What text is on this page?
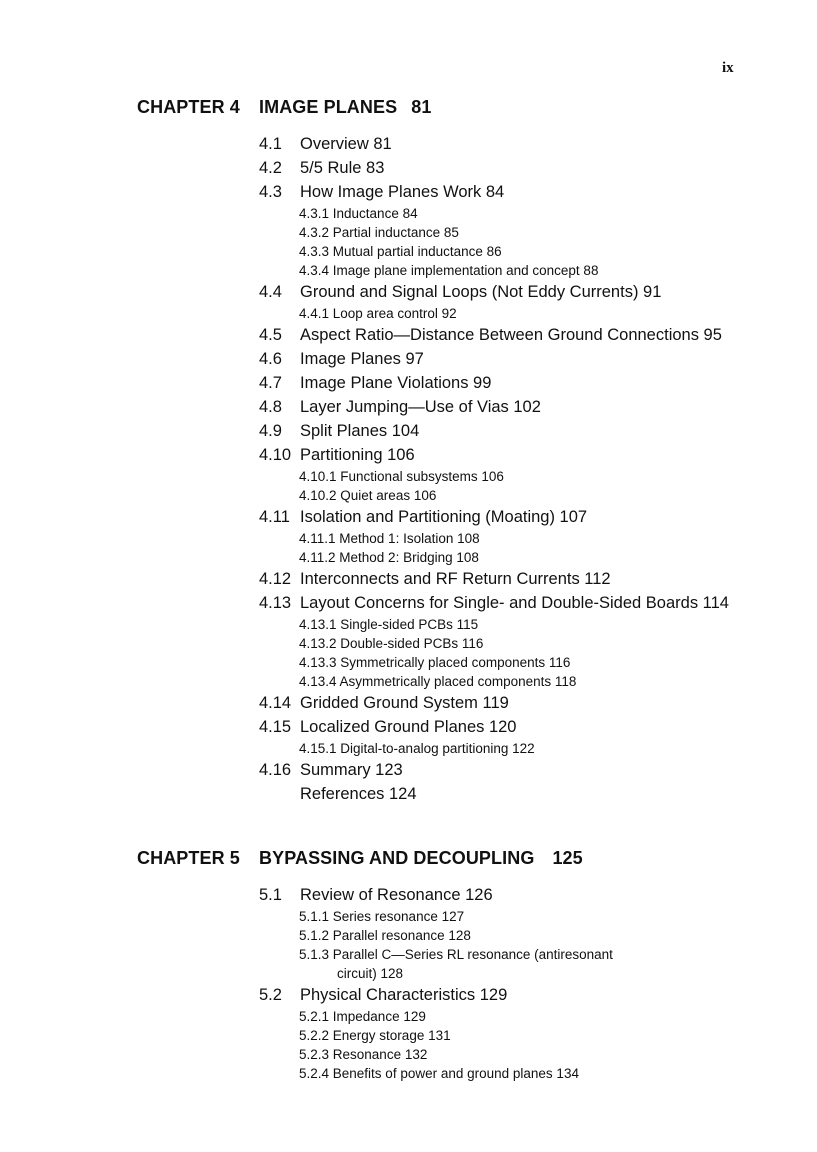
ix
CHAPTER 4 IMAGE PLANES 81
4.1	Overview 81
4.2	5/5 Rule 83
4.3	How Image Planes Work 84
4.3.1 Inductance 84
4.3.2 Partial inductance 85
4.3.3 Mutual partial inductance 86
4.3.4 Image plane implementation and concept 88
4.4	Ground and Signal Loops (Not Eddy Currents) 91
4.4.1 Loop area control 92
4.5	Aspect Ratio—Distance Between Ground Connections 95
4.6	Image Planes 97
4.7	Image Plane Violations 99
4.8	Layer Jumping—Use of Vias 102
4.9	Split Planes 104
4.10 Partitioning 106
4.10.1 Functional subsystems 106
4.10.2 Quiet areas 106
4.11 Isolation and Partitioning (Moating) 107
4.11.1 Method 1: Isolation 108
4.11.2 Method 2: Bridging 108
4.12 Interconnects and RF Return Currents 112
4.13 Layout Concerns for Single- and Double-Sided Boards 114
4.13.1 Single-sided PCBs 115
4.13.2 Double-sided PCBs 116
4.13.3 Symmetrically placed components 116
4.13.4 Asymmetrically placed components 118
4.14 Gridded Ground System 119
4.15 Localized Ground Planes 120
4.15.1 Digital-to-analog partitioning 122
4.16 Summary 123
References 124
CHAPTER 5 BYPASSING AND DECOUPLING 125
5.1	Review of Resonance 126
5.1.1 Series resonance 127
5.1.2 Parallel resonance 128
5.1.3 Parallel C—Series RL resonance (antiresonant
circuit) 128
5.2	Physical Characteristics 129
5.2.1 Impedance 129
5.2.2 Energy storage 131
5.2.3 Resonance 132
5.2.4 Benefits of power and ground planes 134
